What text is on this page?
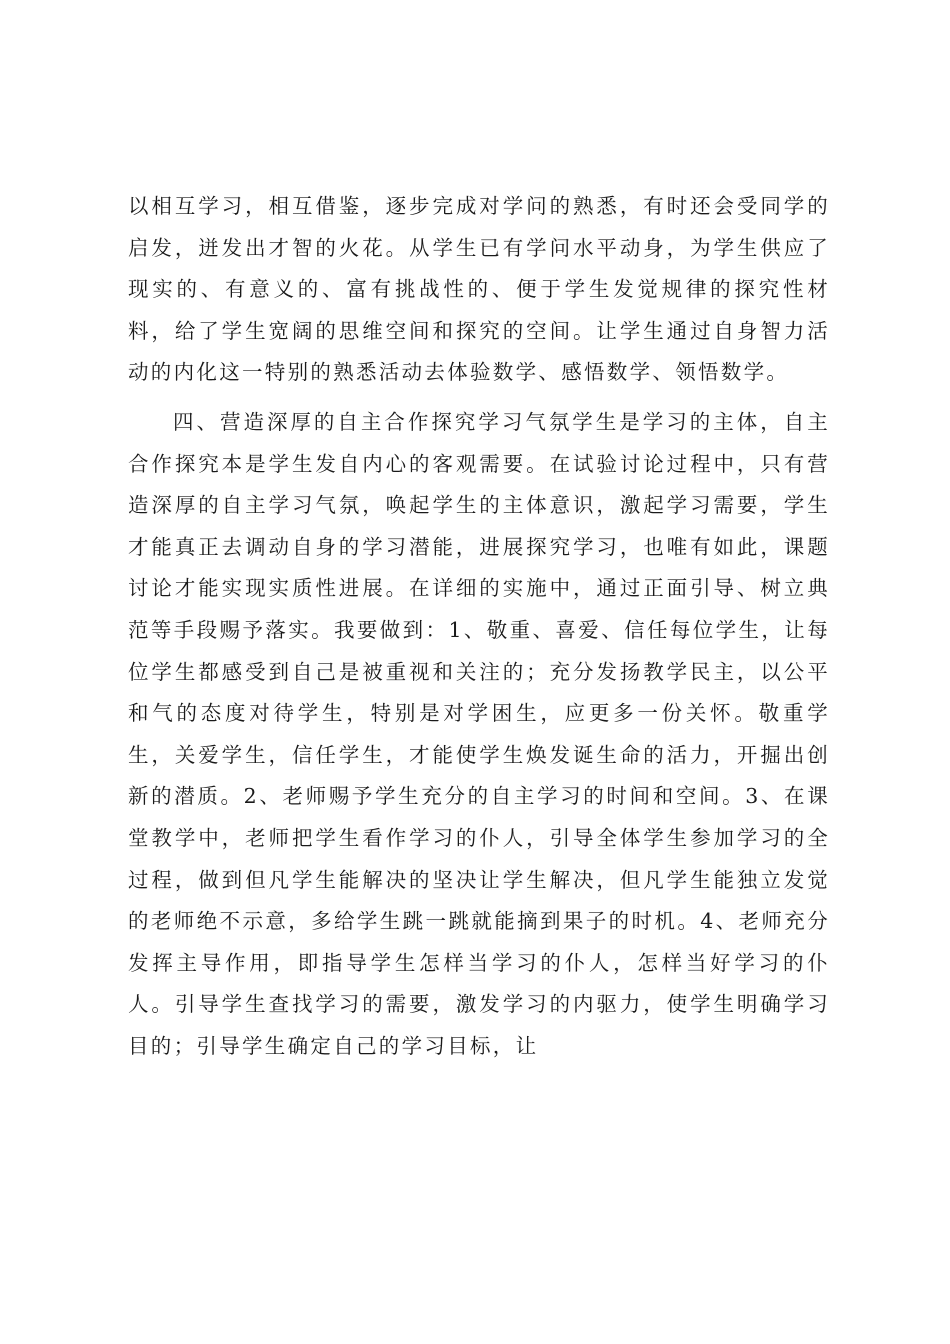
以相互学习，相互借鉴，逐步完成对学问的熟悉，有时还会受同学的启发，迸发出才智的火花。从学生已有学问水平动身，为学生供应了现实的、有意义的、富有挑战性的、便于学生发觉规律的探究性材料，给了学生宽阔的思维空间和探究的空间。让学生通过自身智力活动的内化这一特别的熟悉活动去体验数学、感悟数学、领悟数学。

四、营造深厚的自主合作探究学习气氛学生是学习的主体，自主合作探究本是学生发自内心的客观需要。在试验讨论过程中，只有营造深厚的自主学习气氛，唤起学生的主体意识，激起学习需要，学生才能真正去调动自身的学习潜能，进展探究学习，也唯有如此，课题讨论才能实现实质性进展。在详细的实施中，通过正面引导、树立典范等手段赐予落实。我要做到：1、敬重、喜爱、信任每位学生，让每位学生都感受到自己是被重视和关注的；充分发扬教学民主，以公平和气的态度对待学生，特别是对学困生，应更多一份关怀。敬重学生，关爱学生，信任学生，才能使学生焕发诞生命的活力，开掘出创新的潜质。2、老师赐予学生充分的自主学习的时间和空间。3、在课堂教学中，老师把学生看作学习的仆人，引导全体学生参加学习的全过程，做到但凡学生能解决的坚决让学生解决，但凡学生能独立发觉的老师绝不示意，多给学生跳一跳就能摘到果子的时机。4、老师充分发挥主导作用，即指导学生怎样当学习的仆人，怎样当好学习的仆人。引导学生查找学习的需要，激发学习的内驱力，使学生明确学习目的；引导学生确定自己的学习目标，让
